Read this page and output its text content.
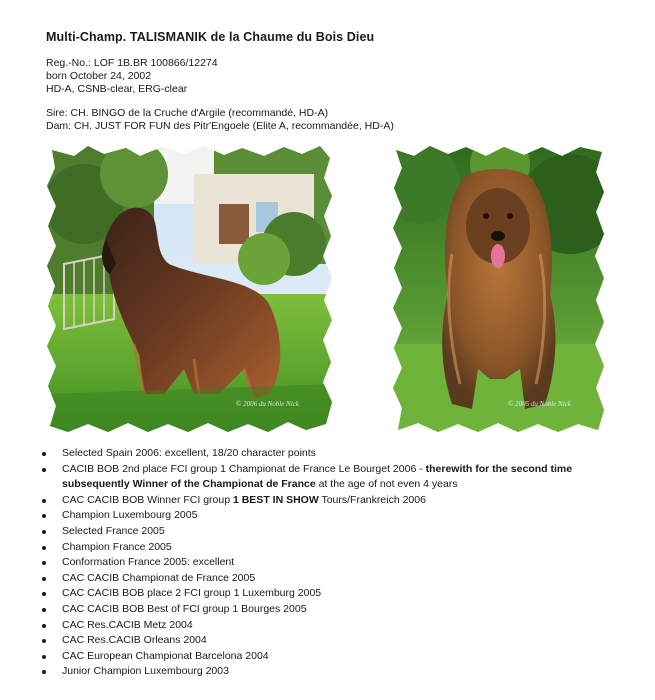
Multi-Champ. TALISMANIK de la Chaume du Bois Dieu
Reg.-No.: LOF 1B.BR 100866/12274
born October 24, 2002
HD-A, CSNB-clear, ERG-clear
Sire: CH. BINGO de la Cruche d'Argile (recommandé, HD-A)
Dam: CH. JUST FOR FUN des Pitr'Engoele (Elite A, recommandée, HD-A)
© 2006 du Noble Nick	© 2005 du Noble Nick
Selected Spain 2006: excellent, 18/20 character points
CACIB BOB 2nd place FCI group 1 Championat de France Le Bourget 2006 - therewith for the second time subsequently Winner of the Championat de France at the age of not even 4 years
CAC CACIB BOB Winner FCI group 1 BEST IN SHOW Tours/Frankreich 2006
Champion Luxembourg 2005
Selected France 2005
Champion France 2005
Conformation France 2005: excellent
CAC CACIB Championat de France 2005
CAC CACIB BOB place 2 FCI group 1 Luxemburg 2005
CAC CACIB BOB Best of FCI group 1 Bourges 2005
CAC Res.CACIB Metz 2004
CAC Res.CACIB Orleans 2004
CAC European Championat Barcelona 2004
Junior Champion Luxembourg 2003
